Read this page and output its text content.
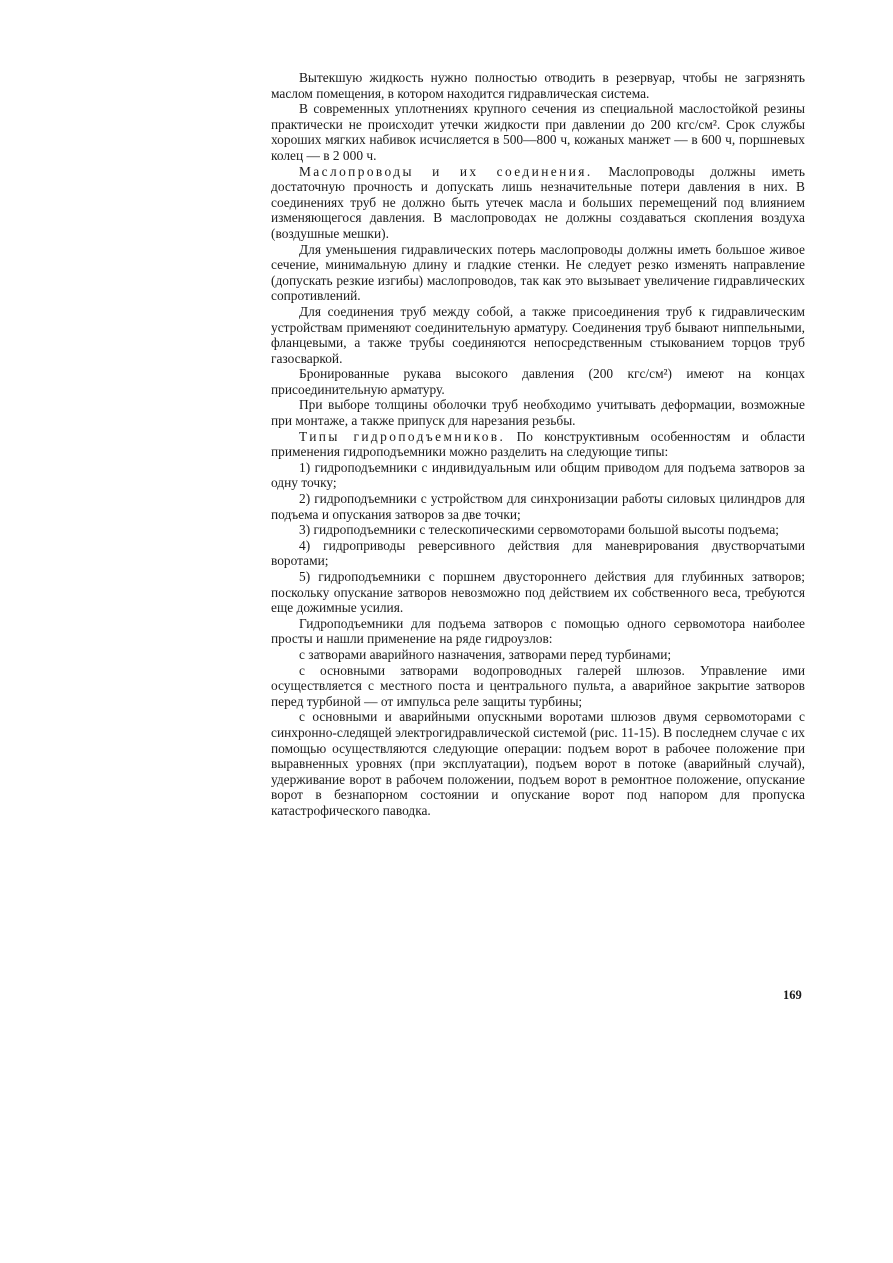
Вытекшую жидкость нужно полностью отводить в резервуар, чтобы не загрязнять маслом помещения, в котором находится гидравлическая система.

В современных уплотнениях крупного сечения из специальной маслостойкой резины практически не происходит утечки жидкости при давлении до 200 кгс/см². Срок службы хороших мягких набивок исчисляется в 500—800 ч, кожаных манжет — в 600 ч, поршневых колец — в 2 000 ч.

Маслопроводы и их соединения. Маслопроводы должны иметь достаточную прочность и допускать лишь незначительные потери давления в них. В соединениях труб не должно быть утечек масла и больших перемещений под влиянием изменяющегося давления. В маслопроводах не должны создаваться скопления воздуха (воздушные мешки).

Для уменьшения гидравлических потерь маслопроводы должны иметь большое живое сечение, минимальную длину и гладкие стенки. Не следует резко изменять направление (допускать резкие изгибы) маслопроводов, так как это вызывает увеличение гидравлических сопротивлений.

Для соединения труб между собой, а также присоединения труб к гидравлическим устройствам применяют соединительную арматуру. Соединения труб бывают ниппельными, фланцевыми, а также трубы соединяются непосредственным стыкованием торцов труб газосваркой.

Бронированные рукава высокого давления (200 кгс/см²) имеют на концах присоединительную арматуру.

При выборе толщины оболочки труб необходимо учитывать деформации, возможные при монтаже, а также припуск для нарезания резьбы.

Типы гидроподъемников. По конструктивным особенностям и области применения гидроподъемники можно разделить на следующие типы:

1) гидроподъемники с индивидуальным или общим приводом для подъема затворов за одну точку;

2) гидроподъемники с устройством для синхронизации работы силовых цилиндров для подъема и опускания затворов за две точки;

3) гидроподъемники с телескопическими сервомоторами большой высоты подъема;

4) гидроприводы реверсивного действия для маневрирования двустворчатыми воротами;

5) гидроподъемники с поршнем двустороннего действия для глубинных затворов; поскольку опускание затворов невозможно под действием их собственного веса, требуются еще дожимные усилия.

Гидроподъемники для подъема затворов с помощью одного сервомотора наиболее просты и нашли применение на ряде гидроузлов:

с затворами аварийного назначения, затворами перед турбинами;

с основными затворами водопроводных галерей шлюзов. Управление ими осуществляется с местного поста и центрального пульта, а аварийное закрытие затворов перед турбиной — от импульса реле защиты турбины;

с основными и аварийными опускными воротами шлюзов двумя сервомоторами с синхронно-следящей электрогидравлической системой (рис. 11-15). В последнем случае с их помощью осуществляются следующие операции: подъем ворот в рабочее положение при выравненных уровнях (при эксплуатации), подъем ворот в потоке (аварийный случай), удерживание ворот в рабочем положении, подъем ворот в ремонтное положение, опускание ворот в безнапорном состоянии и опускание ворот под напором для пропуска катастрофического паводка.

169
